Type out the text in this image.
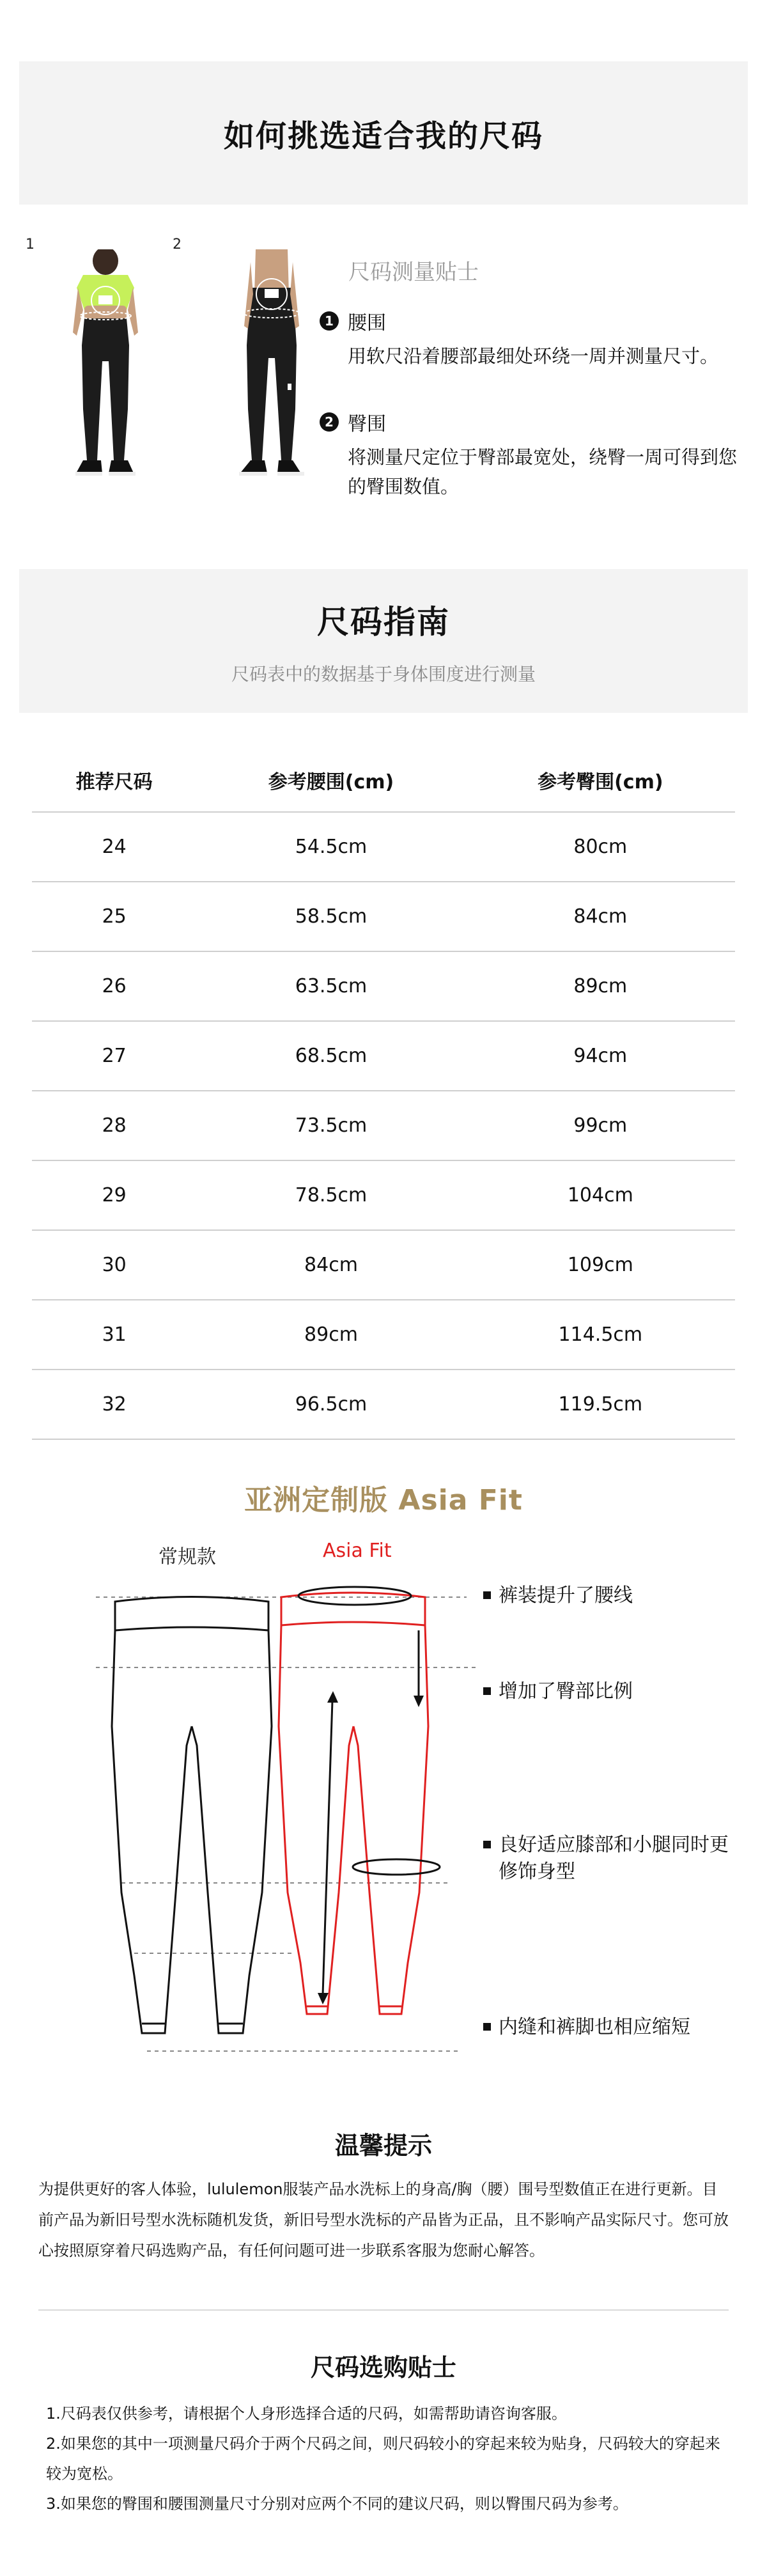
如何挑选适合我的尺码
1	2
尺码测量贴士
1 腰围
用软尺沿着腰部最细处环绕一周并测量尺寸。
2 臀围
将测量尺定位于臀部最宽处，绕臀一周可得到您的臀围数值。
尺码指南

尺码表中的数据基于身体围度进行测量

推荐尺码	参考腰围(cm)	参考臀围(cm)
24	54.5cm	80cm
25	58.5cm	84cm
26	63.5cm	89cm
27	68.5cm	94cm
28	73.5cm	99cm
29	78.5cm	104cm
30	84cm	109cm
31	89cm	114.5cm
32	96.5cm	119.5cm
亚洲定制版 Asia Fit
常规款	Asia Fit
裤装提升了腰线
增加了臀部比例
良好适应膝部和小腿同时更修饰身型
内缝和裤脚也相应缩短
温馨提示

为提供更好的客人体验，lululemon服装产品水洗标上的身高/胸（腰）围号型数值正在进行更新。目前产品为新旧号型水洗标随机发货，新旧号型水洗标的产品皆为正品，且不影响产品实际尺寸。您可放心按照原穿着尺码选购产品，有任何问题可进一步联系客服为您耐心解答。

尺码选购贴士
1.尺码表仅供参考，请根据个人身形选择合适的尺码，如需帮助请咨询客服。
2.如果您的其中一项测量尺码介于两个尺码之间，则尺码较小的穿起来较为贴身，尺码较大的穿起来较为宽松。
3.如果您的臀围和腰围测量尺寸分别对应两个不同的建议尺码，则以臀围尺码为参考。
